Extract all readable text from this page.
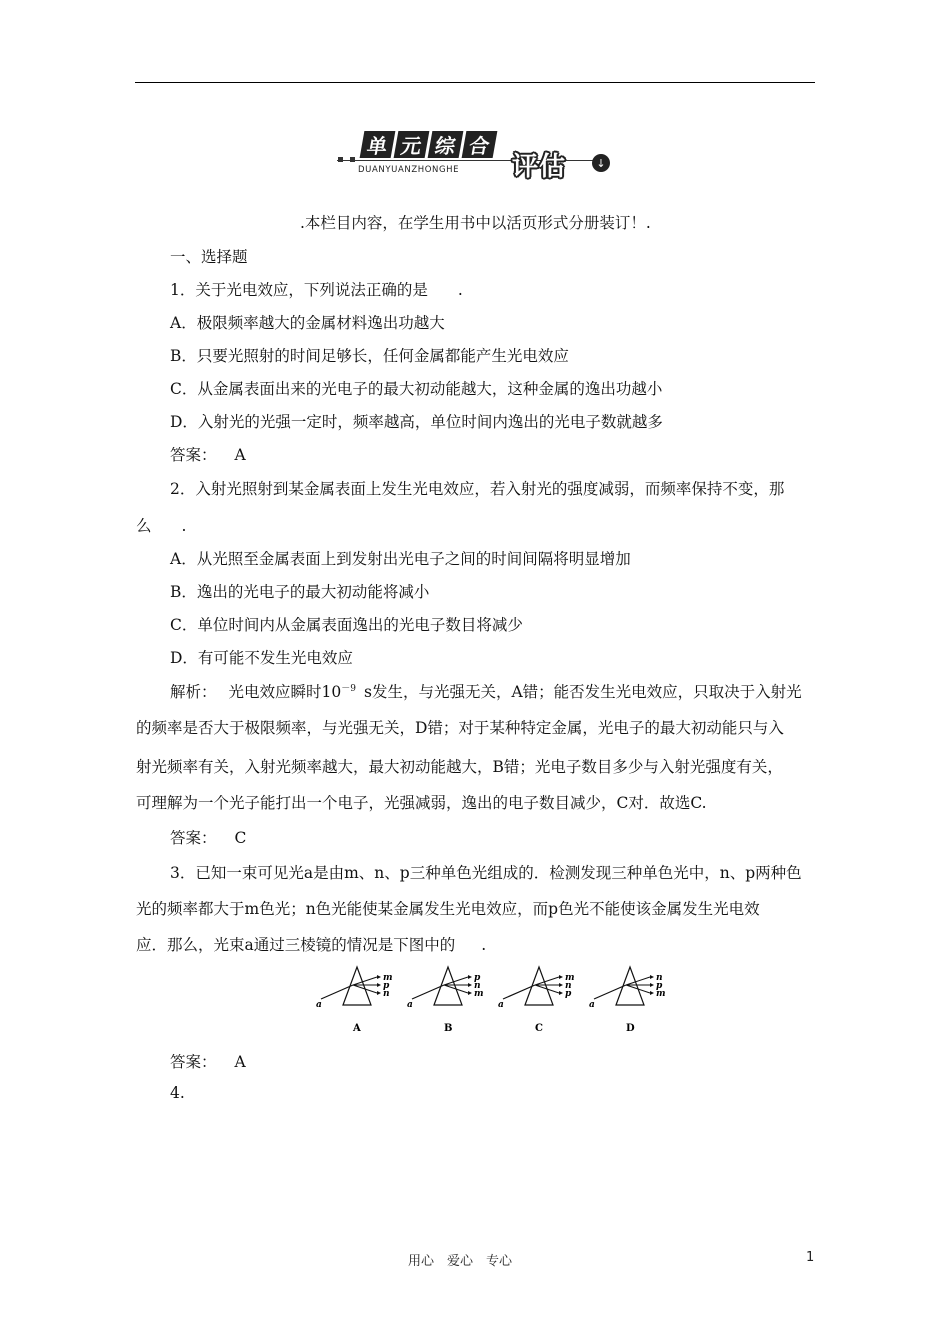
单 元 综 合
DUANYUANZHONGHE 评估	↓
.本栏目内容，在学生用书中以活页形式分册装订！.
一、选择题
1．关于光电效应，下列说法正确的是 .
A．极限频率越大的金属材料逸出功越大
B．只要光照射的时间足够长，任何金属都能产生光电效应
C．从金属表面出来的光电子的最大初动能越大，这种金属的逸出功越小
D．入射光的光强一定时，频率越高，单位时间内逸出的光电子数就越多
答案： A
2．入射光照射到某金属表面上发生光电效应，若入射光的强度减弱，而频率保持不变，那
么 .
A．从光照至金属表面上到发射出光电子之间的时间间隔将明显增加
B．逸出的光电子的最大初动能将减小
C．单位时间内从金属表面逸出的光电子数目将减少
D．有可能不发生光电效应
解析： 光电效应瞬时$10^{-9}$ s发生，与光强无关，A错；能否发生光电效应，只取决于入射光
的频率是否大于极限频率，与光强无关，D错；对于某种特定金属，光电子的最大初动能只与入
射光频率有关，入射光频率越大，最大初动能越大，B错；光电子数目多少与入射光强度有关，
可理解为一个光子能打出一个电子，光强减弱，逸出的电子数目减少，C对．故选C.
答案： C
3．已知一束可见光a是由m、n、p三种单色光组成的．检测发现三种单色光中，n、p两种色
光的频率都大于m色光；n色光能使某金属发生光电效应，而p色光不能使该金属发生光电效
应．那么，光束a通过三棱镜的情况是下图中的 .
a
m
p
n
A
a
p
n
m
B
a
m
n
p
C
a
n
p
m
D
答案： A
4.
用心　爱心　专心	1
